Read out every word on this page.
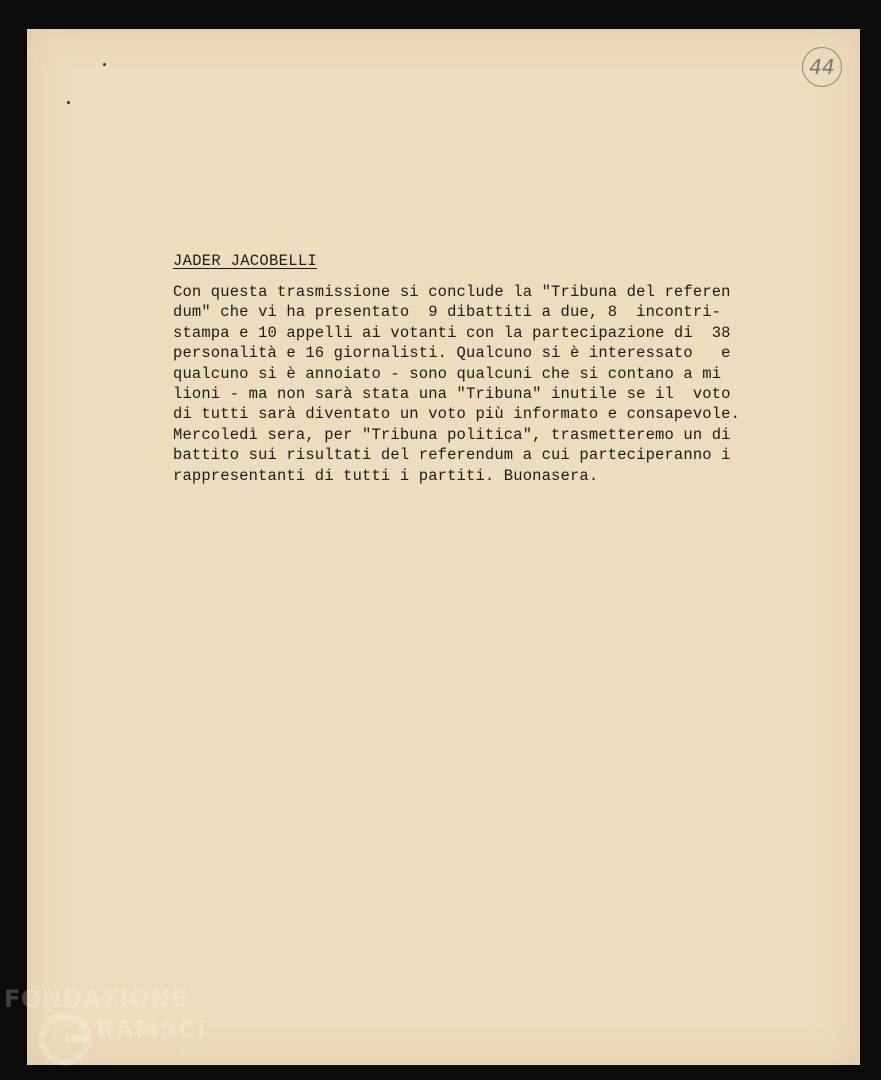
44
JADER JACOBELLI
Con questa trasmissione si conclude la "Tribuna del referen
dum" che vi ha presentato  9 dibattiti a due, 8  incontri-
stampa e 10 appelli ai votanti con la partecipazione di  38
personalità e 16 giornalisti. Qualcuno si è interessato   e
qualcuno si è annoiato - sono qualcuni che si contano a mi
lioni - ma non sarà stata una "Tribuna" inutile se il  voto
di tutti sarà diventato un voto più informato e consapevole.
Mercoledì sera, per "Tribuna politica", trasmetteremo un di
battito sui risultati del referendum a cui parteciperanno i
rappresentanti di tutti i partiti. Buonasera.
FONDAZIONE
RAMSCI
onlus
